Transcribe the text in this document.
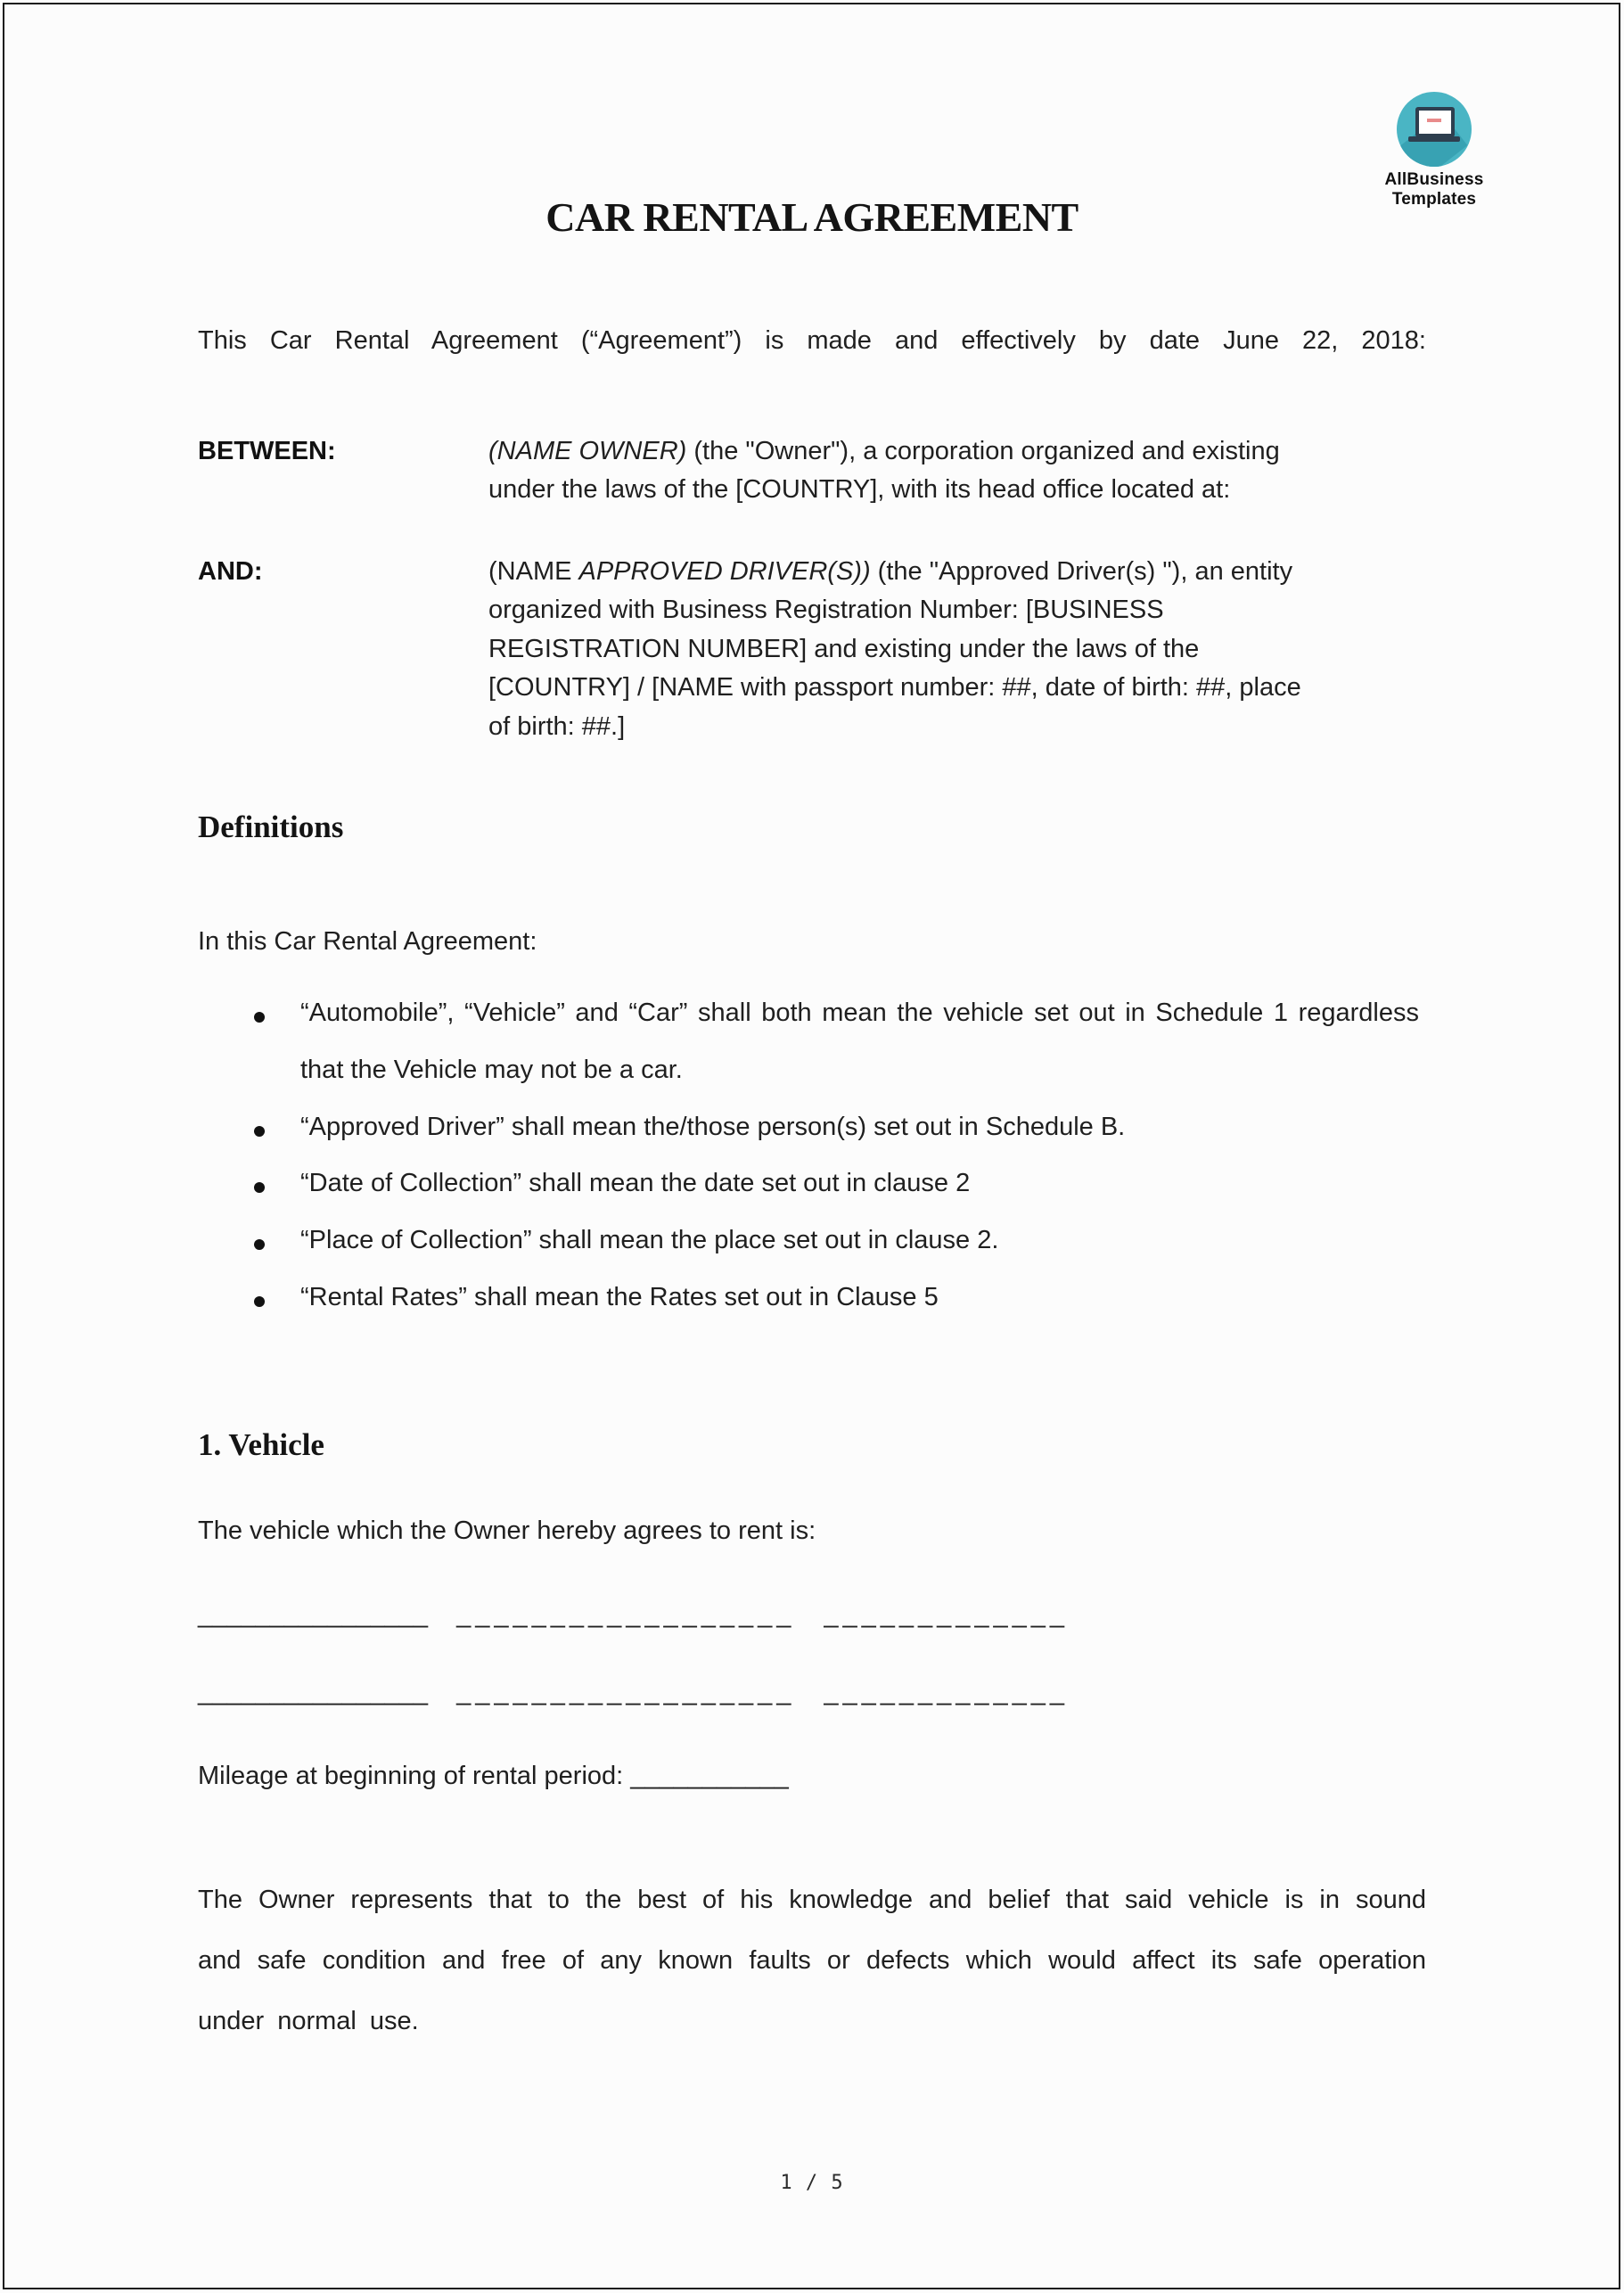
AllBusiness
Templates
CAR RENTAL AGREEMENT

This Car Rental Agreement (“Agreement”) is made and effectively by date June 22, 2018:

BETWEEN:	(NAME OWNER) (the "Owner"), a corporation organized and existing under the laws of the [COUNTRY], with its head office located at:
AND:	(NAME APPROVED DRIVER(S)) (the "Approved Driver(s) "), an entity organized with Business Registration Number: [BUSINESS REGISTRATION NUMBER] and existing under the laws of the [COUNTRY] / [NAME with passport number: ##, date of birth: ##, place of birth: ##.]
Definitions

In this Car Rental Agreement:

“Automobile”, “Vehicle” and “Car” shall both mean the vehicle set out in Schedule 1 regardless that the Vehicle may not be a car.
“Approved Driver” shall mean the/those person(s) set out in Schedule B.
“Date of Collection” shall mean the date set out in clause 2
“Place of Collection” shall mean the place set out in clause 2.
“Rental Rates” shall mean the Rates set out in Clause 5
1. Vehicle

The vehicle which the Owner hereby agrees to rent is:

________________ __________________ _____________
________________ __________________ _____________

Mileage at beginning of rental period: ___________

The Owner represents that to the best of his knowledge and belief that said vehicle is in sound and safe condition and free of any known faults or defects which would affect its safe operation under normal use.

1 / 5
